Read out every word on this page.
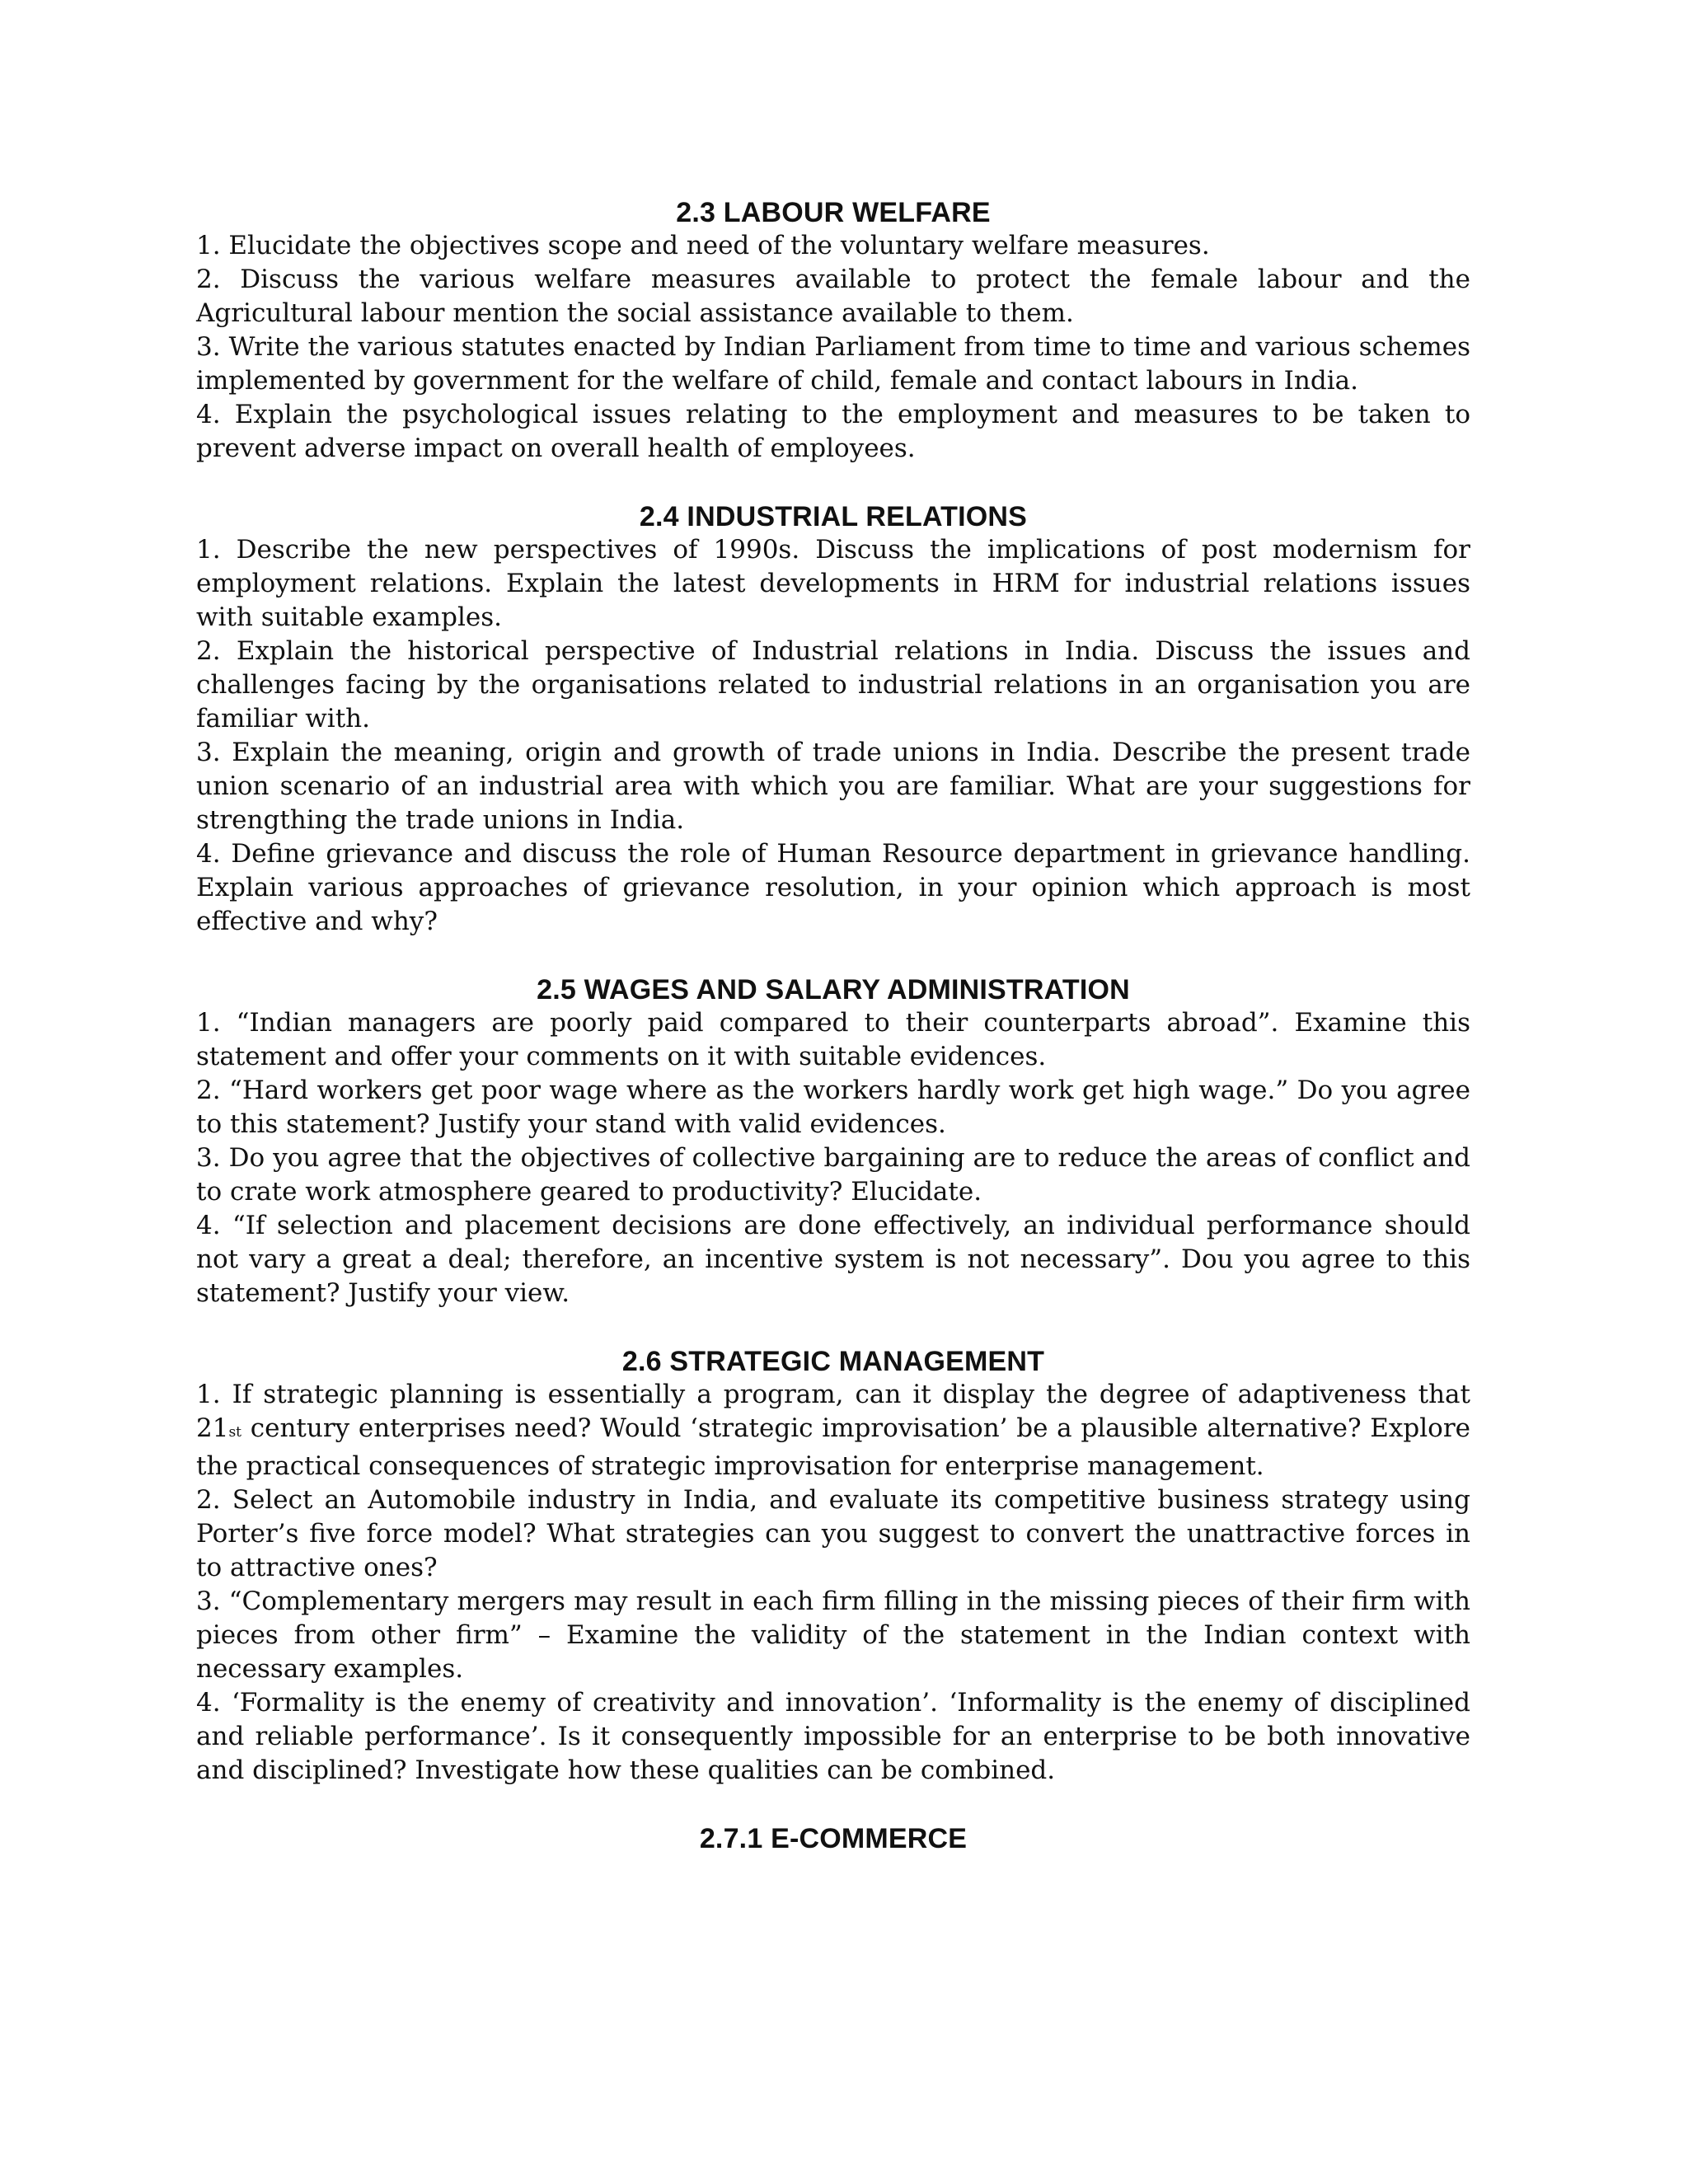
2.3 LABOUR WELFARE

1. Elucidate the objectives scope and need of the voluntary welfare measures.

2. Discuss the various welfare measures available to protect the female labour and the Agricultural labour mention the social assistance available to them.

3. Write the various statutes enacted by Indian Parliament from time to time and various schemes implemented by government for the welfare of child, female and contact labours in India.

4. Explain the psychological issues relating to the employment and measures to be taken to prevent adverse impact on overall health of employees.

2.4 INDUSTRIAL RELATIONS

1. Describe the new perspectives of 1990s. Discuss the implications of post modernism for employment relations. Explain the latest developments in HRM for industrial relations issues with suitable examples.

2. Explain the historical perspective of Industrial relations in India. Discuss the issues and challenges facing by the organisations related to industrial relations in an organisation you are familiar with.

3. Explain the meaning, origin and growth of trade unions in India. Describe the present trade union scenario of an industrial area with which you are familiar. What are your suggestions for strengthing the trade unions in India.

4. Define grievance and discuss the role of Human Resource department in grievance handling. Explain various approaches of grievance resolution, in your opinion which approach is most effective and why?

2.5 WAGES AND SALARY ADMINISTRATION

1. “Indian managers are poorly paid compared to their counterparts abroad”. Examine this statement and offer your comments on it with suitable evidences.

2. “Hard workers get poor wage where as the workers hardly work get high wage.” Do you agree to this statement? Justify your stand with valid evidences.

3. Do you agree that the objectives of collective bargaining are to reduce the areas of conflict and to crate work atmosphere geared to productivity? Elucidate.

4. “If selection and placement decisions are done effectively, an individual performance should not vary a great a deal; therefore, an incentive system is not necessary”. Dou you agree to this statement? Justify your view.

2.6 STRATEGIC MANAGEMENT

1. If strategic planning is essentially a program, can it display the degree of adaptiveness that 21st century enterprises need? Would ‘strategic improvisation’ be a plausible alternative? Explore the practical consequences of strategic improvisation for enterprise management.

2. Select an Automobile industry in India, and evaluate its competitive business strategy using Porter’s five force model? What strategies can you suggest to convert the unattractive forces in to attractive ones?

3. “Complementary mergers may result in each firm filling in the missing pieces of their firm with pieces from other firm” – Examine the validity of the statement in the Indian context with necessary examples.

4. ‘Formality is the enemy of creativity and innovation’. ‘Informality is the enemy of disciplined and reliable performance’. Is it consequently impossible for an enterprise to be both innovative and disciplined? Investigate how these qualities can be combined.

2.7.1 E-COMMERCE
